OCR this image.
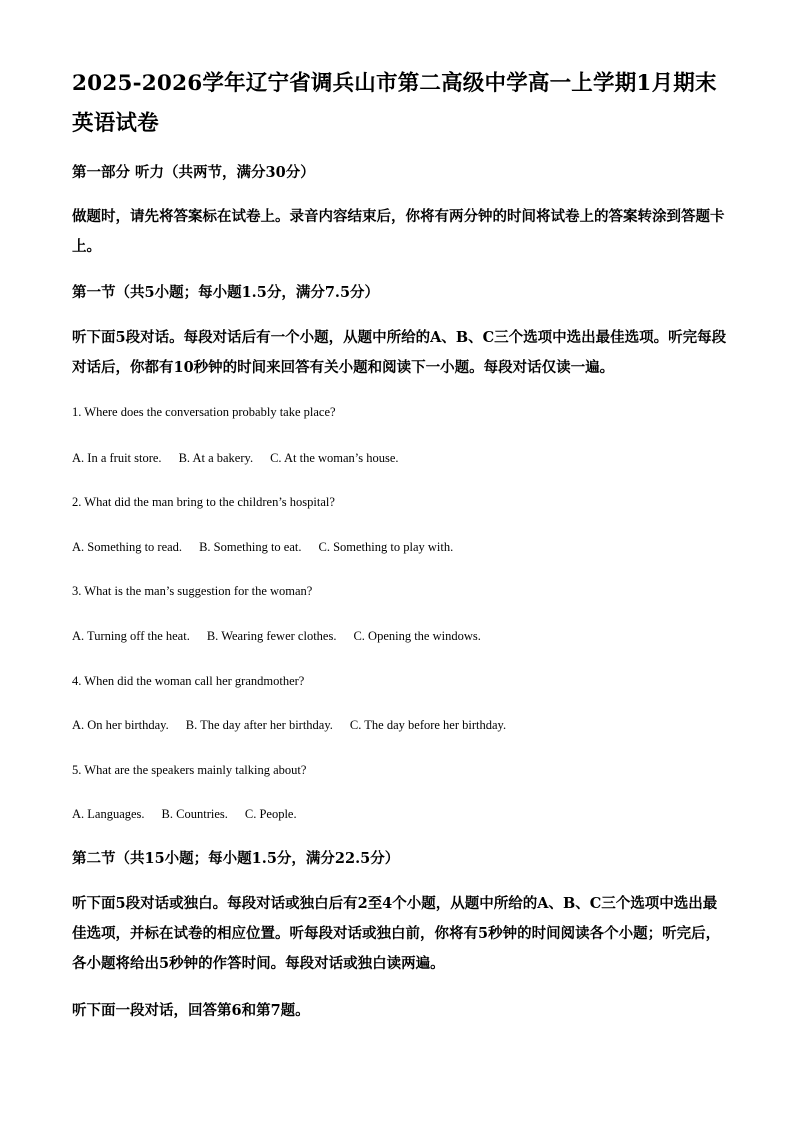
2025-2026学年辽宁省调兵山市第二高级中学高一上学期1月期末英语试卷
第一部分 听力（共两节，满分30分）
做题时，请先将答案标在试卷上。录音内容结束后，你将有两分钟的时间将试卷上的答案转涂到答题卡上。
第一节（共5小题；每小题1.5分，满分7.5分）
听下面5段对话。每段对话后有一个小题，从题中所给的A、B、C三个选项中选出最佳选项。听完每段对话后，你都有10秒钟的时间来回答有关小题和阅读下一小题。每段对话仅读一遍。
1. Where does the conversation probably take place?
A. In a fruit store. B. At a bakery. C. At the woman’s house.
2. What did the man bring to the children’s hospital?
A. Something to read. B. Something to eat. C. Something to play with.
3. What is the man’s suggestion for the woman?
A. Turning off the heat. B. Wearing fewer clothes. C. Opening the windows.
4. When did the woman call her grandmother?
A. On her birthday. B. The day after her birthday. C. The day before her birthday.
5. What are the speakers mainly talking about?
A. Languages. B. Countries. C. People.
第二节（共15小题；每小题1.5分，满分22.5分）
听下面5段对话或独白。每段对话或独白后有2至4个小题，从题中所给的A、B、C三个选项中选出最佳选项，并标在试卷的相应位置。听每段对话或独白前，你将有5秒钟的时间阅读各个小题；听完后，各小题将给出5秒钟的作答时间。每段对话或独白读两遍。
听下面一段对话，回答第6和第7题。
